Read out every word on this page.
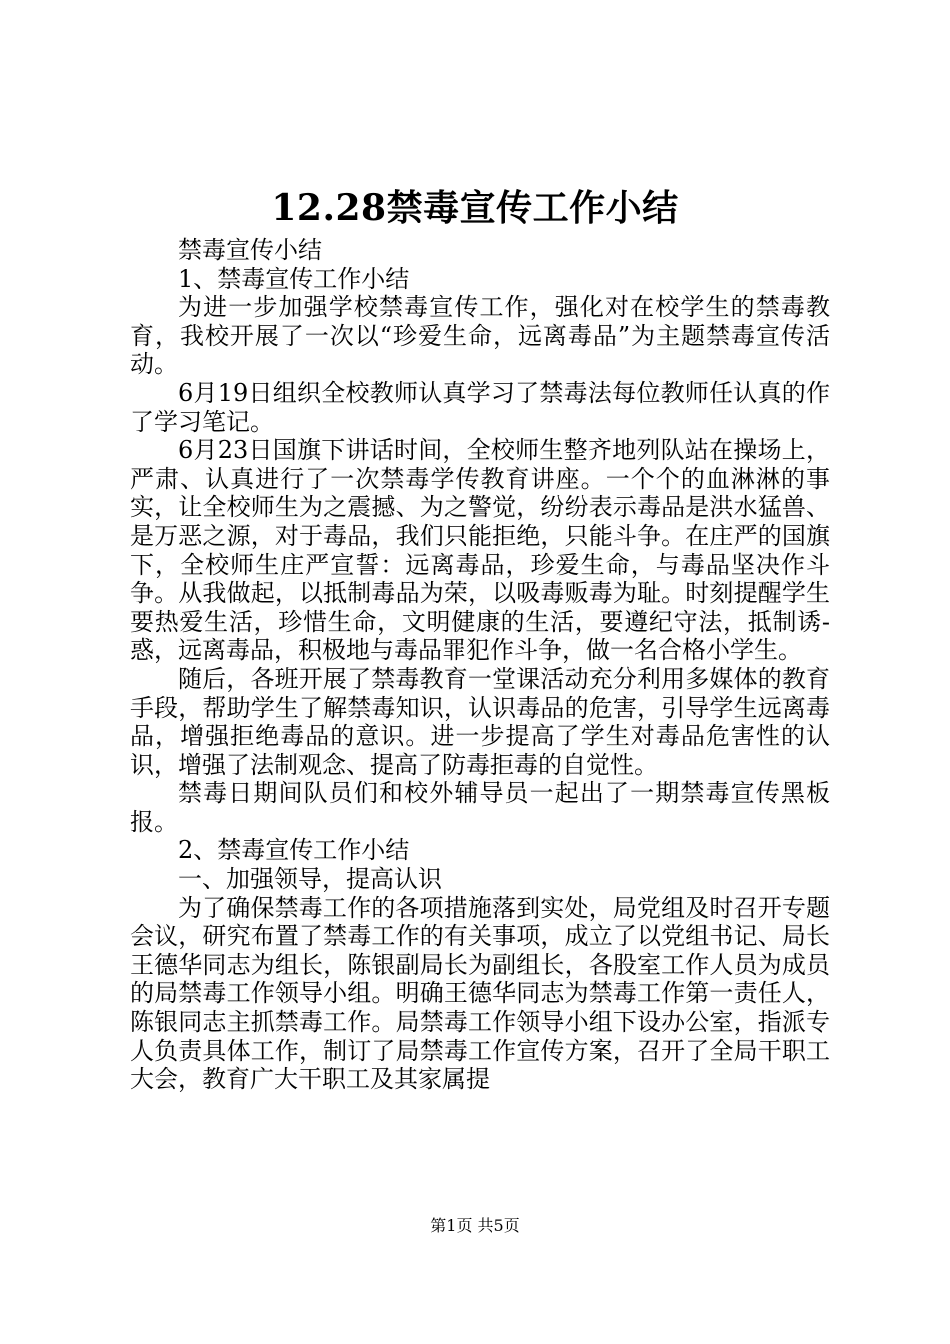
12.28禁毒宣传工作小结

禁毒宣传小结

1、禁毒宣传工作小结

为进一步加强学校禁毒宣传工作，强化对在校学生的禁毒教育，我校开展了一次以“珍爱生命，远离毒品”为主题禁毒宣传活动。

6月19日组织全校教师认真学习了禁毒法每位教师任认真的作了学习笔记。

6月23日国旗下讲话时间，全校师生整齐地列队站在操场上，严肃、认真进行了一次禁毒学传教育讲座。一个个的血淋淋的事实，让全校师生为之震撼、为之警觉，纷纷表示毒品是洪水猛兽、是万恶之源，对于毒品，我们只能拒绝，只能斗争。在庄严的国旗下，全校师生庄严宣誓：远离毒品，珍爱生命，与毒品坚决作斗争。从我做起，以抵制毒品为荣，以吸毒贩毒为耻。时刻提醒学生要热爱生活，珍惜生命，文明健康的生活，要遵纪守法，抵制诱-惑，远离毒品，积极地与毒品罪犯作斗争，做一名合格小学生。

随后，各班开展了禁毒教育一堂课活动充分利用多媒体的教育手段，帮助学生了解禁毒知识，认识毒品的危害，引导学生远离毒品，增强拒绝毒品的意识。进一步提高了学生对毒品危害性的认识，增强了法制观念、提高了防毒拒毒的自觉性。

禁毒日期间队员们和校外辅导员一起出了一期禁毒宣传黑板报。

2、禁毒宣传工作小结

一、加强领导，提高认识

为了确保禁毒工作的各项措施落到实处，局党组及时召开专题会议，研究布置了禁毒工作的有关事项，成立了以党组书记、局长王德华同志为组长，陈银副局长为副组长，各股室工作人员为成员的局禁毒工作领导小组。明确王德华同志为禁毒工作第一责任人，陈银同志主抓禁毒工作。局禁毒工作领导小组下设办公室，指派专人负责具体工作，制订了局禁毒工作宣传方案，召开了全局干职工大会，教育广大干职工及其家属提

第1页 共5页
